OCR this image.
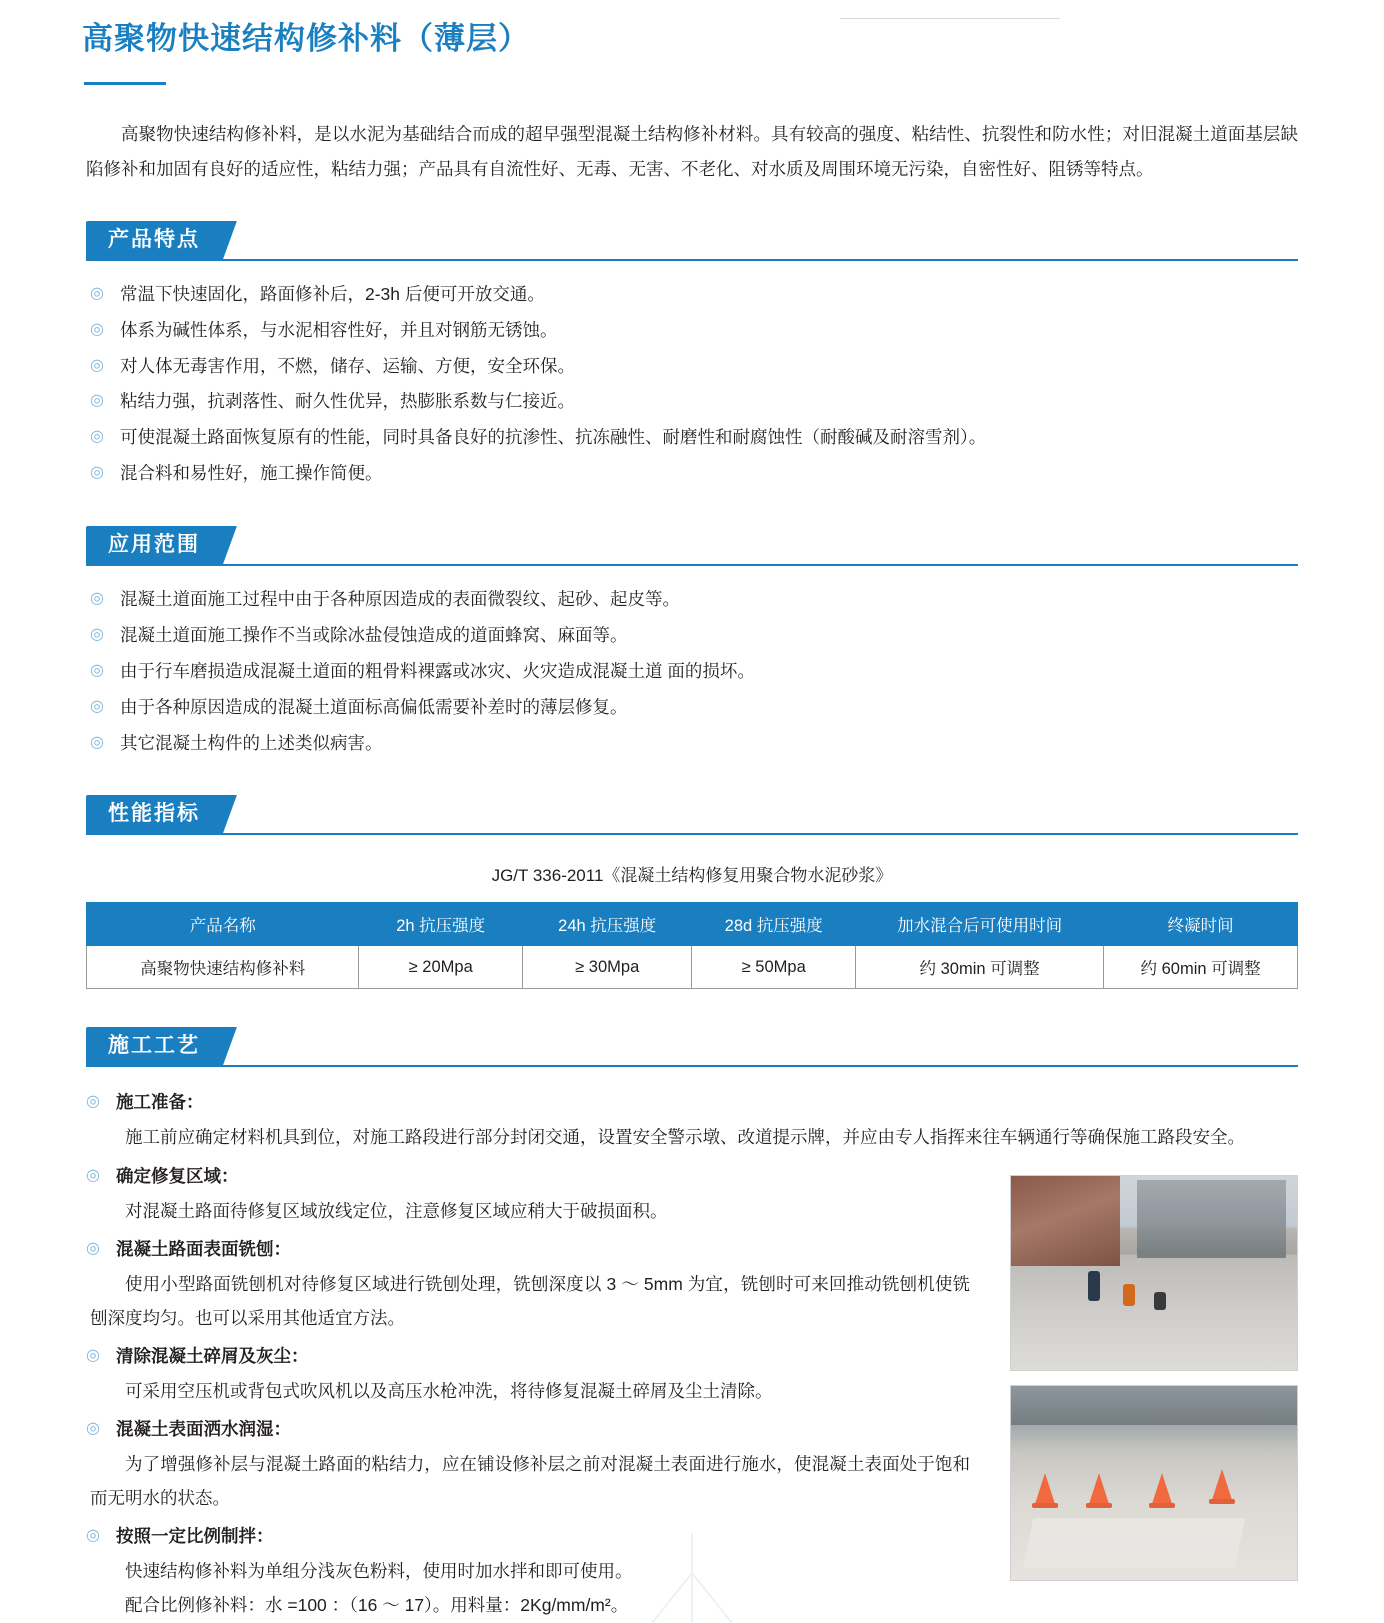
高聚物快速结构修补料（薄层）

高聚物快速结构修补料，是以水泥为基础结合而成的超早强型混凝土结构修补材料。具有较高的强度、粘结性、抗裂性和防水性；对旧混凝土道面基层缺陷修补和加固有良好的适应性，粘结力强；产品具有自流性好、无毒、无害、不老化、对水质及周围环境无污染，自密性好、阻锈等特点。

产品特点
◎ 常温下快速固化，路面修补后，2-3h 后便可开放交通。
◎ 体系为碱性体系，与水泥相容性好，并且对钢筋无锈蚀。
◎ 对人体无毒害作用，不燃，储存、运输、方便，安全环保。
◎ 粘结力强，抗剥落性、耐久性优异，热膨胀系数与仁接近。
◎ 可使混凝土路面恢复原有的性能，同时具备良好的抗渗性、抗冻融性、耐磨性和耐腐蚀性（耐酸碱及耐溶雪剂）。
◎ 混合料和易性好，施工操作简便。
应用范围
◎ 混凝土道面施工过程中由于各种原因造成的表面微裂纹、起砂、起皮等。
◎ 混凝土道面施工操作不当或除冰盐侵蚀造成的道面蜂窝、麻面等。
◎ 由于行车磨损造成混凝土道面的粗骨料裸露或冰灾、火灾造成混凝土道 面的损坏。
◎ 由于各种原因造成的混凝土道面标高偏低需要补差时的薄层修复。
◎ 其它混凝土构件的上述类似病害。
性能指标
JG/T 336-2011《混凝土结构修复用聚合物水泥砂浆》
产品名称	2h 抗压强度	24h 抗压强度	28d 抗压强度	加水混合后可使用时间	终凝时间
高聚物快速结构修补料	≥ 20Mpa	≥ 30Mpa	≥ 50Mpa	约 30min 可调整	约 60min 可调整
施工工艺
◎ 施工准备：
施工前应确定材料机具到位，对施工路段进行部分封闭交通，设置安全警示墩、改道提示牌，并应由专人指挥来往车辆通行等确保施工路段安全。
◎ 确定修复区域：
对混凝土路面待修复区域放线定位，注意修复区域应稍大于破损面积。
◎ 混凝土路面表面铣刨：
使用小型路面铣刨机对待修复区域进行铣刨处理，铣刨深度以 3 ～ 5mm 为宜，铣刨时可来回推动铣刨机使铣刨深度均匀。也可以采用其他适宜方法。
◎ 清除混凝土碎屑及灰尘：
可采用空压机或背包式吹风机以及高压水枪冲洗，将待修复混凝土碎屑及尘土清除。
◎ 混凝土表面洒水润湿：
为了增强修补层与混凝土路面的粘结力，应在铺设修补层之前对混凝土表面进行施水，使混凝土表面处于饱和而无明水的状态。
◎ 按照一定比例制拌：
快速结构修补料为单组分浅灰色粉料，使用时加水拌和即可使用。
配合比例修补料：水 =100 ：（16 ～ 17）。用料量：2Kg/mm/m²。
